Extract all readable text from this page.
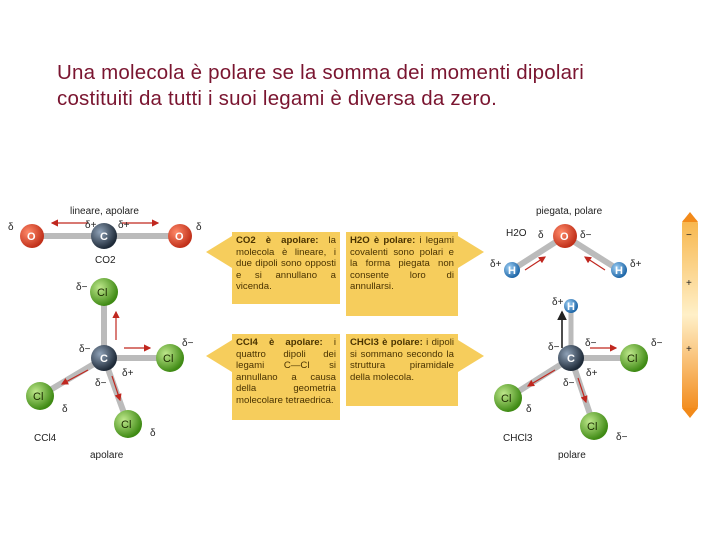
Una molecola è polare se la somma dei momenti dipolari costituiti da tutti i suoi legami è diversa da zero.
lineare, apolare
O	C	O
δ	δ+ δ+	δ
CO2
Cl
Cl
Cl
Cl
C
δ−
δ−
δ−
δ+
δ−
δ
δ
CCl4
apolare
piegata, polare
H2O	O
H	H
δ	δ−
δ+	δ+
H
Cl
Cl
Cl
C
δ+
δ−	δ−	δ−
δ+
δ−
δ
δ−
CHCl3
polare
−
+
+
CO2 è apolare: la molecola è lineare, i due dipoli sono opposti e si annullano a vicenda.
H2O è polare: i legami covalenti sono polari e la forma piegata non consente loro di annullarsi.
CCl4 è apolare: i quattro dipoli dei legami C—Cl si annullano a causa della geometria molecolare tetraedrica.
CHCl3 è polare: i dipoli si sommano secondo la struttura piramidale della molecola.
